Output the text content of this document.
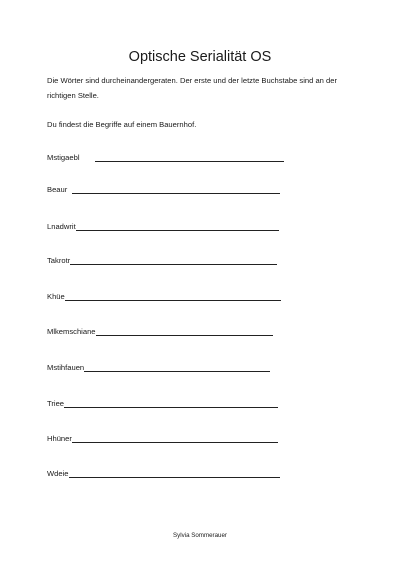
Optische Serialität OS

Die Wörter sind durcheinandergeraten. Der erste und der letzte Buchstabe sind an der richtigen Stelle.

Du findest die Begriffe auf einem Bauernhof.

Mstigaebl
Beaur
Lnadwrit
Takrotr
Khüe
Mlkemschiane
Mstihfauen
Triee
Hhüner
Wdeie

Sylvia Sommerauer
